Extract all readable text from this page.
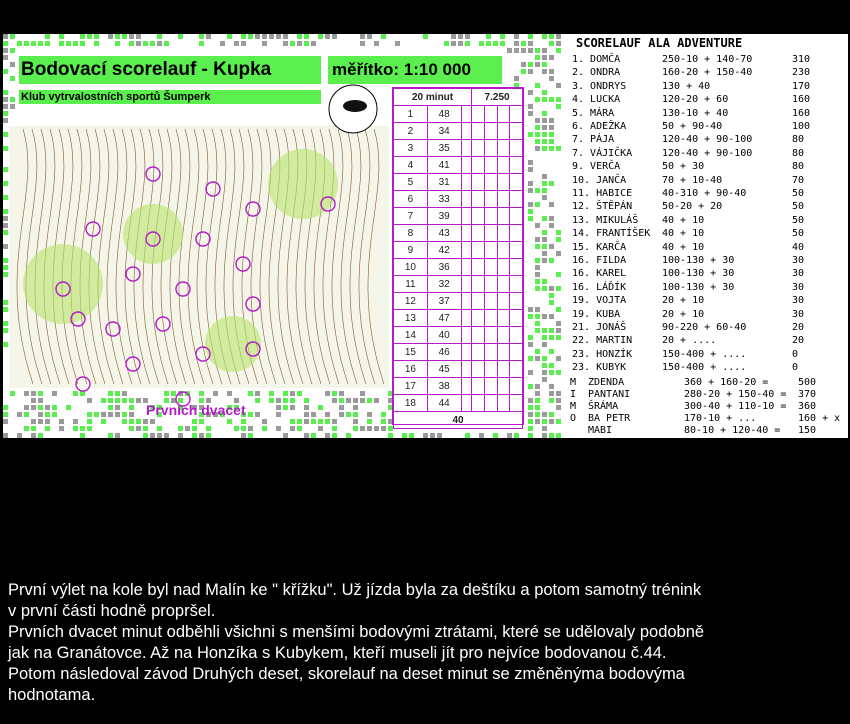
Bodovací scorelauf - Kupka	měřítko: 1:10 000
Klub vytrvalostních sportů Šumperk
Prvních dvacet
20 minut			7.250			
1	48					
2	34					
3	35					
4	41					
5	31					
6	33					
7	39					
8	43					
9	42					
10	36					
11	32					
12	37					
13	47					
14	40					
15	46					
16	45					
17	38					
18	44					
40						
SCORELAUF ALA ADVENTURE
1. DOMČA	250-10 + 140-70	310
2. ONDRA	160-20 + 150-40	230
3. ONDRYS	130 + 40	170
4. LUCKA	120-20 + 60	160
5. MÁRA	130-10 + 40	160
6. ADEŽKA	50 + 90-40	100
7. PÁJA	120-40 + 90-100	80
7. VÁJIČKA	120-40 + 90-100	80
9. VERČA	50 + 30	80
10. JANČA	70 + 10-40	70
11. HABICE	40-310 + 90-40	50
12. ŠTĚPÁN	50-20 + 20	50
13. MIKULÁŠ 40 + 10	50
14. FRANTÍŠEK 40 + 10	50
15. KARČA	40 + 10	40
16. FILDA	100-130 + 30	30
16. KAREL	100-130 + 30	30
16. LÁĎÍK	100-130 + 30	30
19. VOJTA	20 + 10	30
19. KUBA	20 + 10	30
21. JONÁŠ	90-220 + 60-40	20
22. MARTIN	20 + ....	20
23. HONZÍK	150-400 + ....	0
23. KUBYK	150-400 + ....	0
M ZDENDA	360 + 160-20 =	500
I PANTANI	280-20 + 150-40 = 370
M ŠRÁMA	300-40 + 110-10 = 360
O BA PETR	170-10 + ...	160 + x
MABI	80-10 + 120-40 = 150
První výlet na kole byl nad Malín ke " křížku". Už jízda byla za deštíku a potom samotný trénink
v první části hodně propršel.
Prvních dvacet minut odběhli všichni s menšími bodovými ztrátami, které se udělovaly podobně
jak na Granátovce. Až na Honzíka s Kubykem, kteří museli jít pro nejvíce bodovanou č.44.
Potom následoval závod Druhých deset, skorelauf na deset minut se změněnýma bodovýma
hodnotama.
